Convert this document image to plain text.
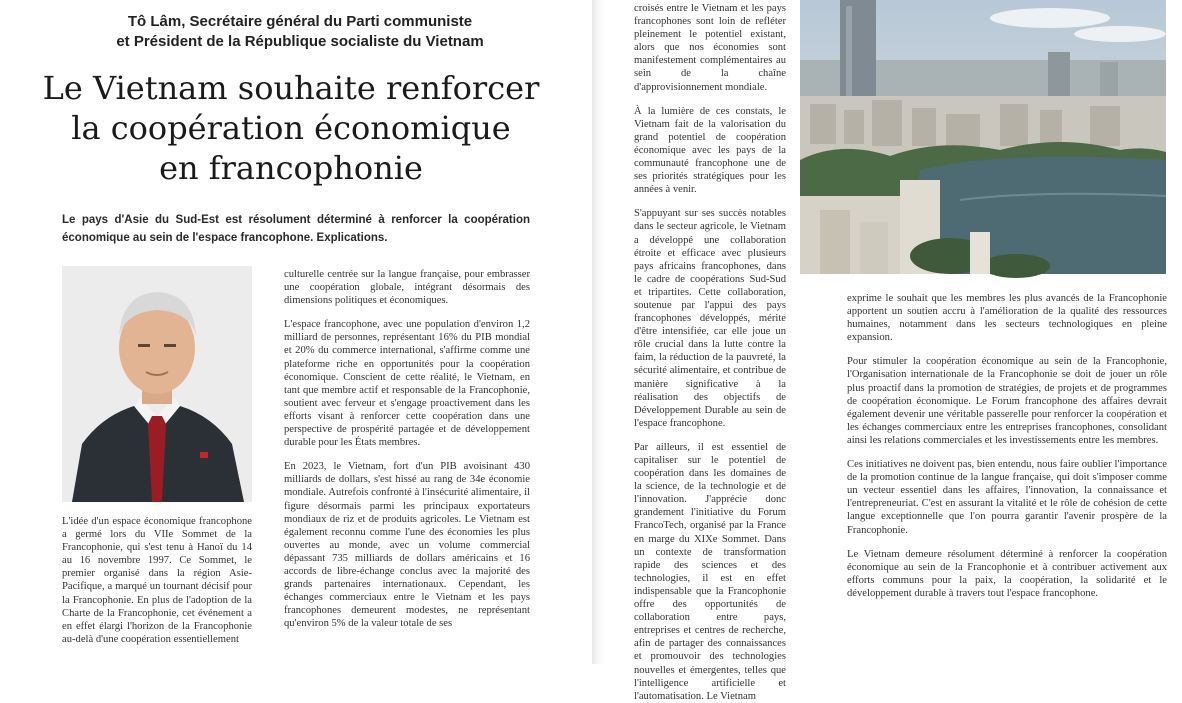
Tô Lâm, Secrétaire général du Parti communiste
et Président de la République socialiste du Vietnam
Le Vietnam souhaite renforcer
la coopération économique
en francophonie
Le pays d'Asie du Sud-Est est résolument déterminé à renforcer la coopération économique au sein de l'espace francophone. Explications.

L'idée d'un espace économique francophone a germé lors du VIIe Sommet de la Francophonie, qui s'est tenu à Hanoï du 14 au 16 novembre 1997. Ce Sommet, le premier organisé dans la région Asie-Pacifique, a marqué un tournant décisif pour la Francophonie. En plus de l'adoption de la Charte de la Francophonie, cet événement a en effet élargi l'horizon de la Francophonie au-delà d'une coopération essentiellement

culturelle centrée sur la langue française, pour embrasser une coopération globale, intégrant désormais des dimensions politiques et économiques.

L'espace francophone, avec une population d'environ 1,2 milliard de personnes, représentant 16% du PIB mondial et 20% du commerce international, s'affirme comme une plateforme riche en opportunités pour la coopération économique. Conscient de cette réalité, le Vietnam, en tant que membre actif et responsable de la Francophonie, soutient avec ferveur et s'engage proactivement dans les efforts visant à renforcer cette coopération dans une perspective de prospérité partagée et de développement durable pour les États membres.

En 2023, le Vietnam, fort d'un PIB avoisinant 430 milliards de dollars, s'est hissé au rang de 34e économie mondiale. Autrefois confronté à l'insécurité alimentaire, il figure désormais parmi les principaux exportateurs mondiaux de riz et de produits agricoles. Le Vietnam est également reconnu comme l'une des économies les plus ouvertes au monde, avec un volume commercial dépassant 735 milliards de dollars américains et 16 accords de libre-échange conclus avec la majorité des grands partenaires internationaux. Cependant, les échanges commerciaux entre le Vietnam et les pays francophones demeurent modestes, ne représentant qu'environ 5% de la valeur totale de ses

croisés entre le Vietnam et les pays francophones sont loin de refléter pleinement le potentiel existant, alors que nos économies sont manifestement complémentaires au sein de la chaîne d'approvisionnement mondiale.

À la lumière de ces constats, le Vietnam fait de la valorisation du grand potentiel de coopération économique avec les pays de la communauté francophone une de ses priorités stratégiques pour les années à venir.

S'appuyant sur ses succès notables dans le secteur agricole, le Vietnam a développé une collaboration étroite et efficace avec plusieurs pays africains francophones, dans le cadre de coopérations Sud-Sud et tripartites. Cette collaboration, soutenue par l'appui des pays francophones développés, mérite d'être intensifiée, car elle joue un rôle crucial dans la lutte contre la faim, la réduction de la pauvreté, la sécurité alimentaire, et contribue de manière significative à la réalisation des objectifs de Développement Durable au sein de l'espace francophone.

Par ailleurs, il est essentiel de capitaliser sur le potentiel de coopération dans les domaines de la science, de la technologie et de l'innovation. J'apprécie donc grandement l'initiative du Forum FrancoTech, organisé par la France en marge du XIXe Sommet. Dans un contexte de transformation rapide des sciences et des technologies, il est en effet indispensable que la Francophonie offre des opportunités de collaboration entre pays, entreprises et centres de recherche, afin de partager des connaissances et promouvoir des technologies nouvelles et émergentes, telles que l'intelligence artificielle et l'automatisation. Le Vietnam

exprime le souhait que les membres les plus avancés de la Francophonie apportent un soutien accru à l'amélioration de la qualité des ressources humaines, notamment dans les secteurs technologiques en pleine expansion.

Pour stimuler la coopération économique au sein de la Francophonie, l'Organisation internationale de la Francophonie se doit de jouer un rôle plus proactif dans la promotion de stratégies, de projets et de programmes de coopération économique. Le Forum francophone des affaires devrait également devenir une véritable passerelle pour renforcer la coopération et les échanges commerciaux entre les entreprises francophones, consolidant ainsi les relations commerciales et les investissements entre les membres.

Ces initiatives ne doivent pas, bien entendu, nous faire oublier l'importance de la promotion continue de la langue française, qui doit s'imposer comme un vecteur essentiel dans les affaires, l'innovation, la connaissance et l'entrepreneuriat. C'est en assurant la vitalité et le rôle de cohésion de cette langue exceptionnelle que l'on pourra garantir l'avenir prospère de la Francophonie.

Le Vietnam demeure résolument déterminé à renforcer la coopération économique au sein de la Francophonie et à contribuer activement aux efforts communs pour la paix, la coopération, la solidarité et le développement durable à travers tout l'espace francophone.
